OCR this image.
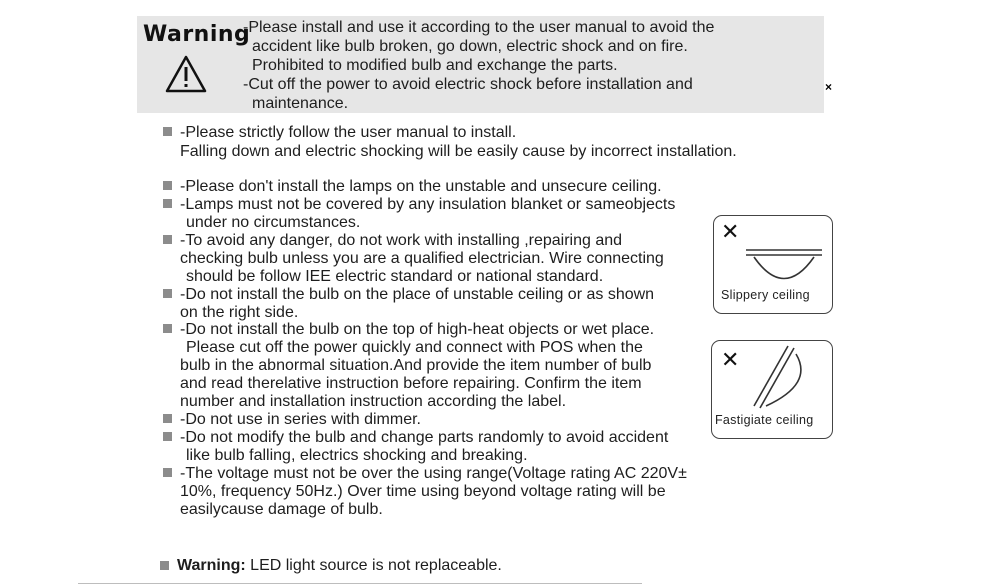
Warning
-Please install and use it according to the user manual to avoid the
accident like bulb broken, go down, electric shock and on fire.
Prohibited to modified bulb and exchange the parts.
-Cut off the power to avoid electric shock before installation and
maintenance.
×
-Please strictly follow the user manual to install.
Falling down and electric shocking will be easily cause by incorrect installation.
-Please don't install the lamps on the unstable and unsecure ceiling.
-Lamps must not be covered by any insulation blanket or sameobjects
under no circumstances.
-To avoid any danger, do not work with installing ,repairing and
checking bulb unless you are a qualified electrician. Wire connecting
should be follow IEE electric standard or national standard.
-Do not install the bulb on the place of unstable ceiling or as shown
on the right side.
-Do not install the bulb on the top of high-heat objects or wet place.
Please cut off the power quickly and connect with POS when the
bulb in the abnormal situation.And provide the item number of bulb
and read therelative instruction before repairing. Confirm the item
number and installation instruction according the label.
-Do not use in series with dimmer.
-Do not modify the bulb and change parts randomly to avoid accident
like bulb falling, electrics shocking and breaking.
-The voltage must not be over the using range(Voltage rating AC 220V±
10%, frequency 50Hz.) Over time using beyond voltage rating will be
easilycause damage of bulb.
✕
Slippery ceiling
✕
Fastigiate ceiling
Warning: LED light source is not replaceable.
